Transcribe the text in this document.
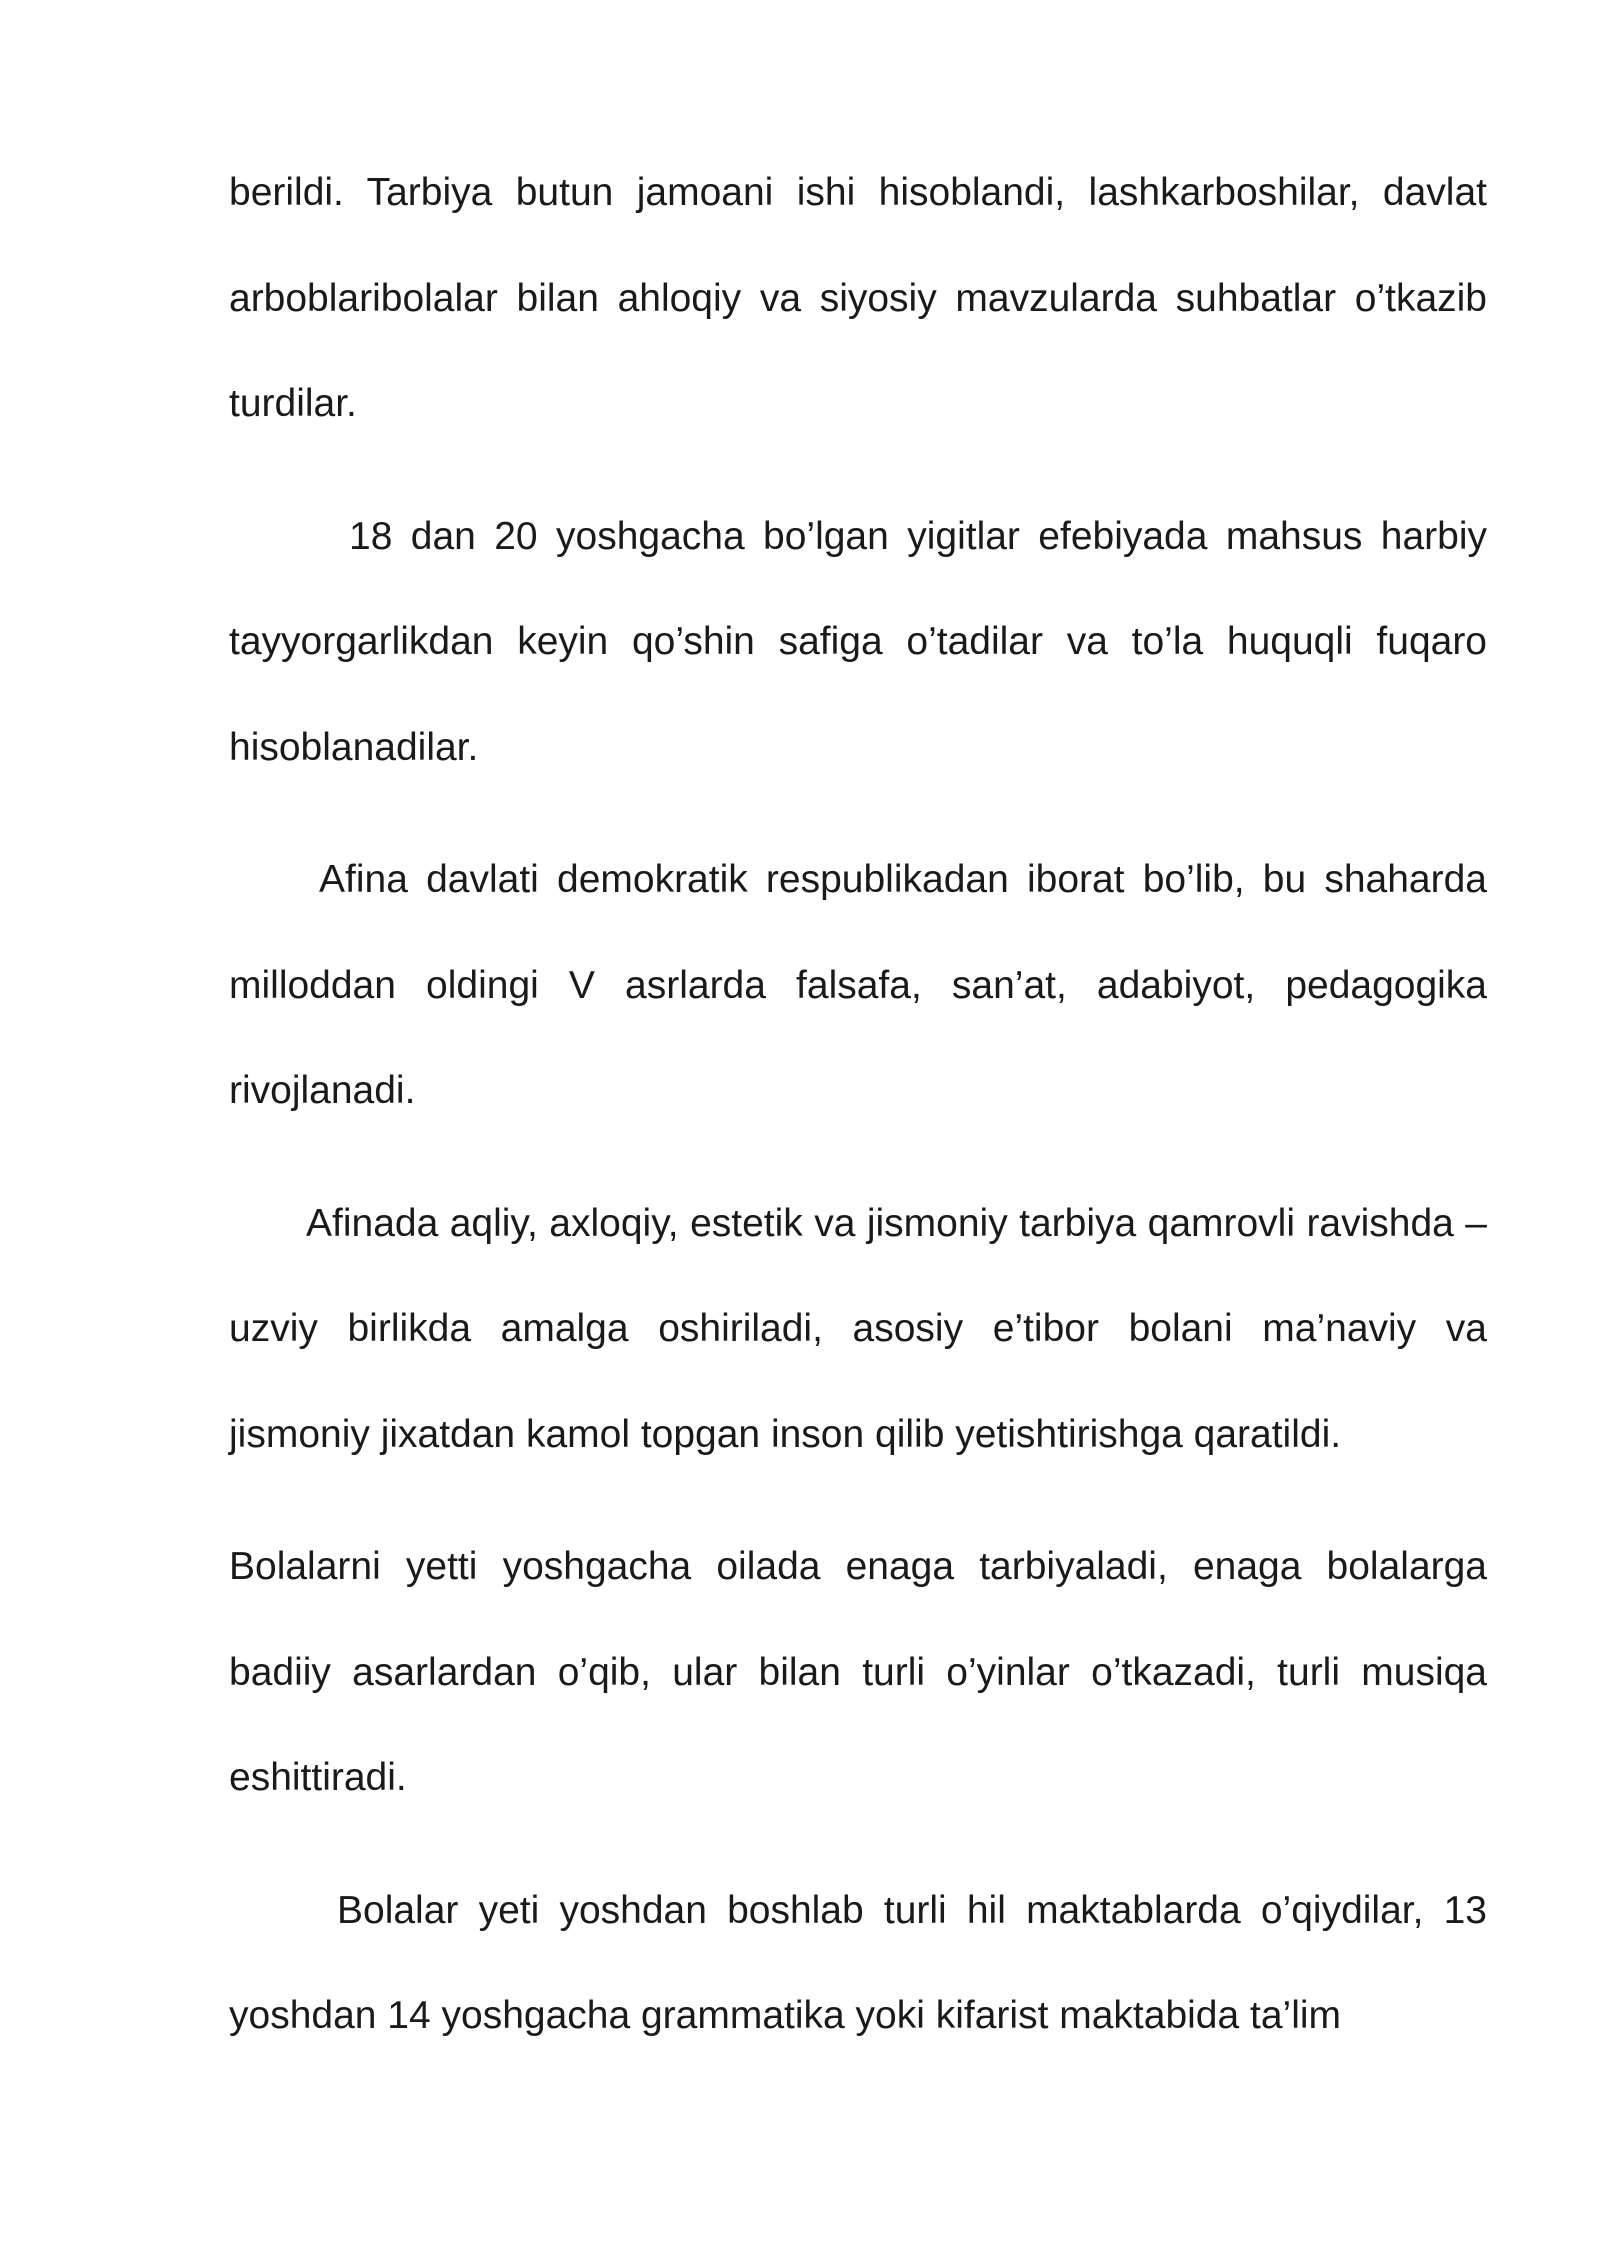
berildi. Tarbiya butun jamoani ishi hisoblandi, lashkarboshilar, davlat arboblaribolalar bilan ahloqiy va siyosiy mavzularda suhbatlar o’tkazib turdilar.

18 dan 20 yoshgacha bo’lgan yigitlar efebiyada mahsus harbiy tayyorgarlikdan keyin qo’shin safiga o’tadilar va to’la huquqli fuqaro hisoblanadilar.

Afina davlati demokratik respublikadan iborat bo’lib, bu shaharda milloddan oldingi V asrlarda falsafa, san’at, adabiyot, pedagogika rivojlanadi.

Afinada aqliy, axloqiy, estetik va jismoniy tarbiya qamrovli ravishda – uzviy birlikda amalga oshiriladi, asosiy e’tibor bolani ma’naviy va jismoniy jixatdan kamol topgan inson qilib yetishtirishga qaratildi.

Bolalarni yetti yoshgacha oilada enaga tarbiyaladi, enaga bolalarga badiiy asarlardan o’qib, ular bilan turli o’yinlar o’tkazadi, turli musiqa eshittiradi.

Bolalar yeti yoshdan boshlab turli hil maktablarda o’qiydilar, 13 yoshdan 14 yoshgacha grammatika yoki kifarist maktabida ta’lim
